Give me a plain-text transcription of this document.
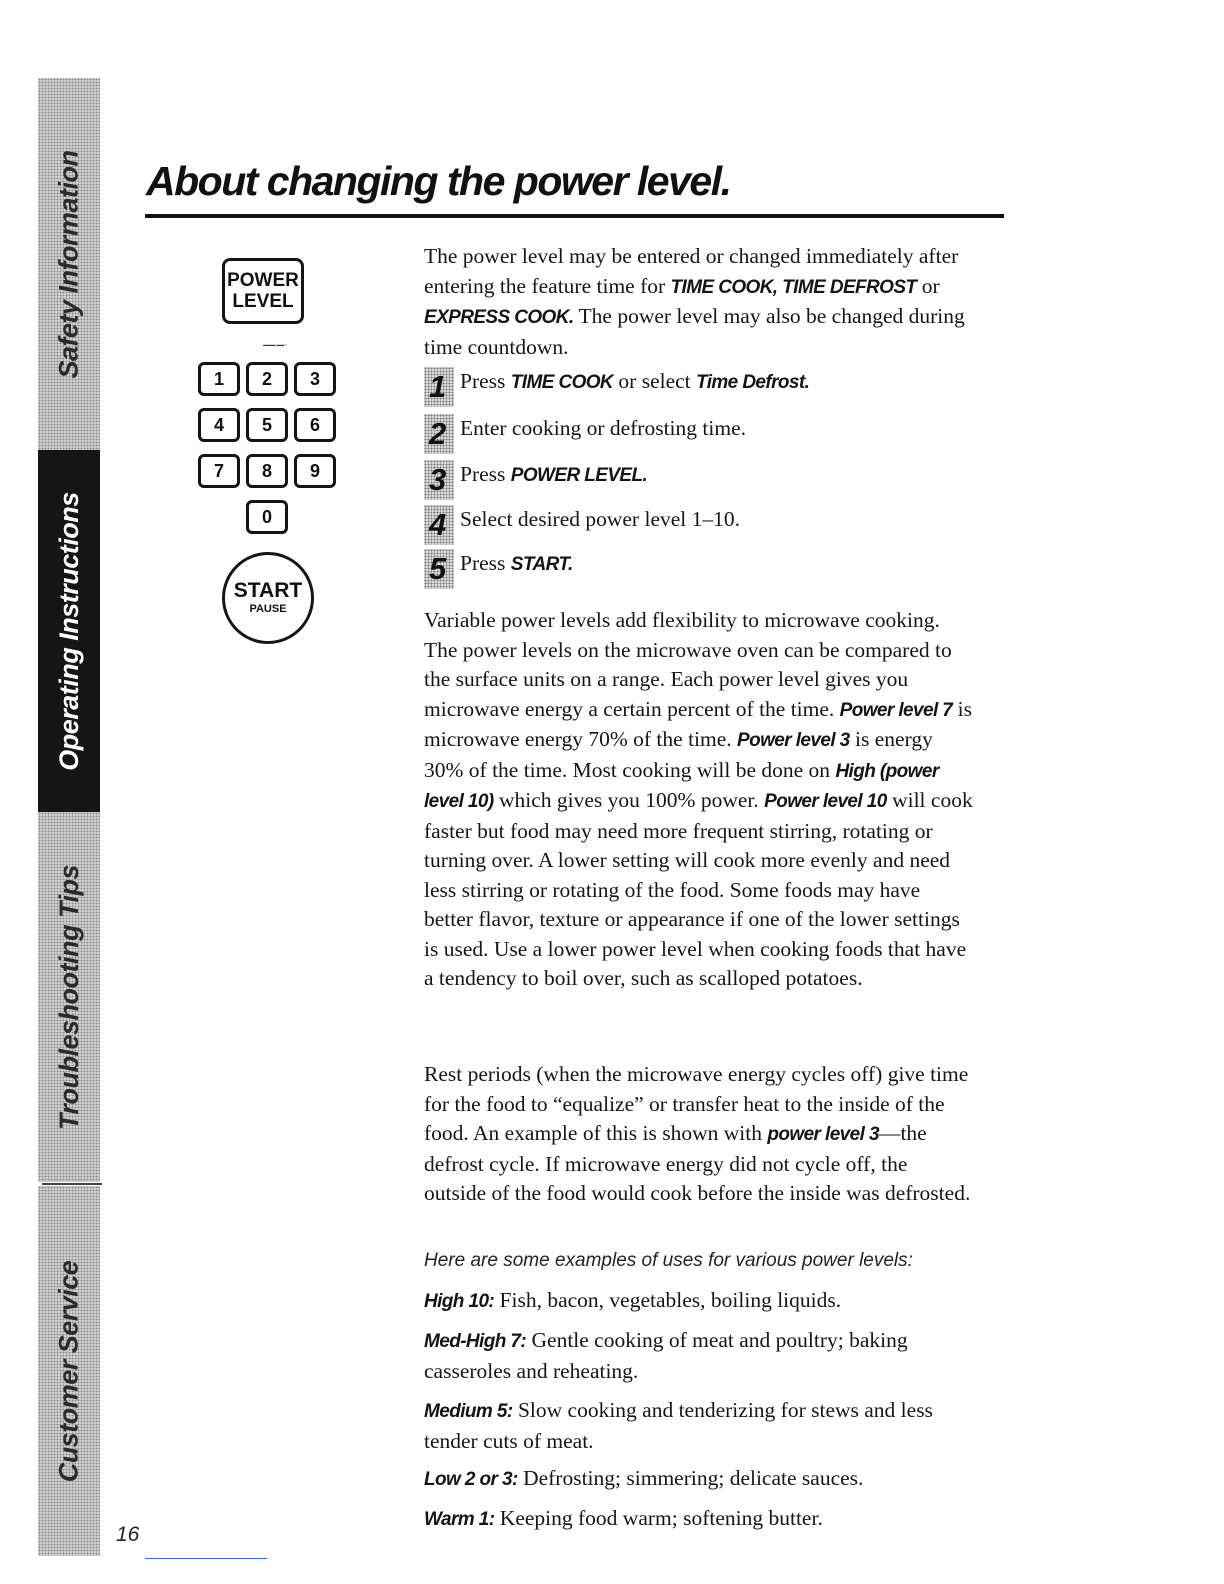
Safety Information
Operating Instructions
Troubleshooting Tips
Customer Service
About changing the power level.
POWER
LEVEL
▬▬▬ ▬▬ ▪
1	2	3
4	5	6
7	8	9
0
START
PAUSE

The power level may be entered or changed immediately after entering the feature time for TIME COOK, TIME DEFROST or EXPRESS COOK. The power level may also be changed during time countdown.

1 Press TIME COOK or select Time Defrost.
2 Enter cooking or defrosting time.
3 Press POWER LEVEL.
4 Select desired power level 1–10.
5 Press START.

Variable power levels add flexibility to microwave cooking. The power levels on the microwave oven can be compared to the surface units on a range. Each power level gives you microwave energy a certain percent of the time. Power level 7 is microwave energy 70% of the time. Power level 3 is energy 30% of the time. Most cooking will be done on High (power level 10) which gives you 100% power. Power level 10 will cook faster but food may need more frequent stirring, rotating or turning over. A lower setting will cook more evenly and need less stirring or rotating of the food. Some foods may have better flavor, texture or appearance if one of the lower settings is used. Use a lower power level when cooking foods that have a tendency to boil over, such as scalloped potatoes.

Rest periods (when the microwave energy cycles off) give time for the food to “equalize” or transfer heat to the inside of the food. An example of this is shown with power level 3—the defrost cycle. If microwave energy did not cycle off, the outside of the food would cook before the inside was defrosted.

Here are some examples of uses for various power levels:

High 10: Fish, bacon, vegetables, boiling liquids.

Med-High 7: Gentle cooking of meat and poultry; baking casseroles and reheating.

Medium 5: Slow cooking and tenderizing for stews and less tender cuts of meat.

Low 2 or 3: Defrosting; simmering; delicate sauces.

Warm 1: Keeping food warm; softening butter.

16
